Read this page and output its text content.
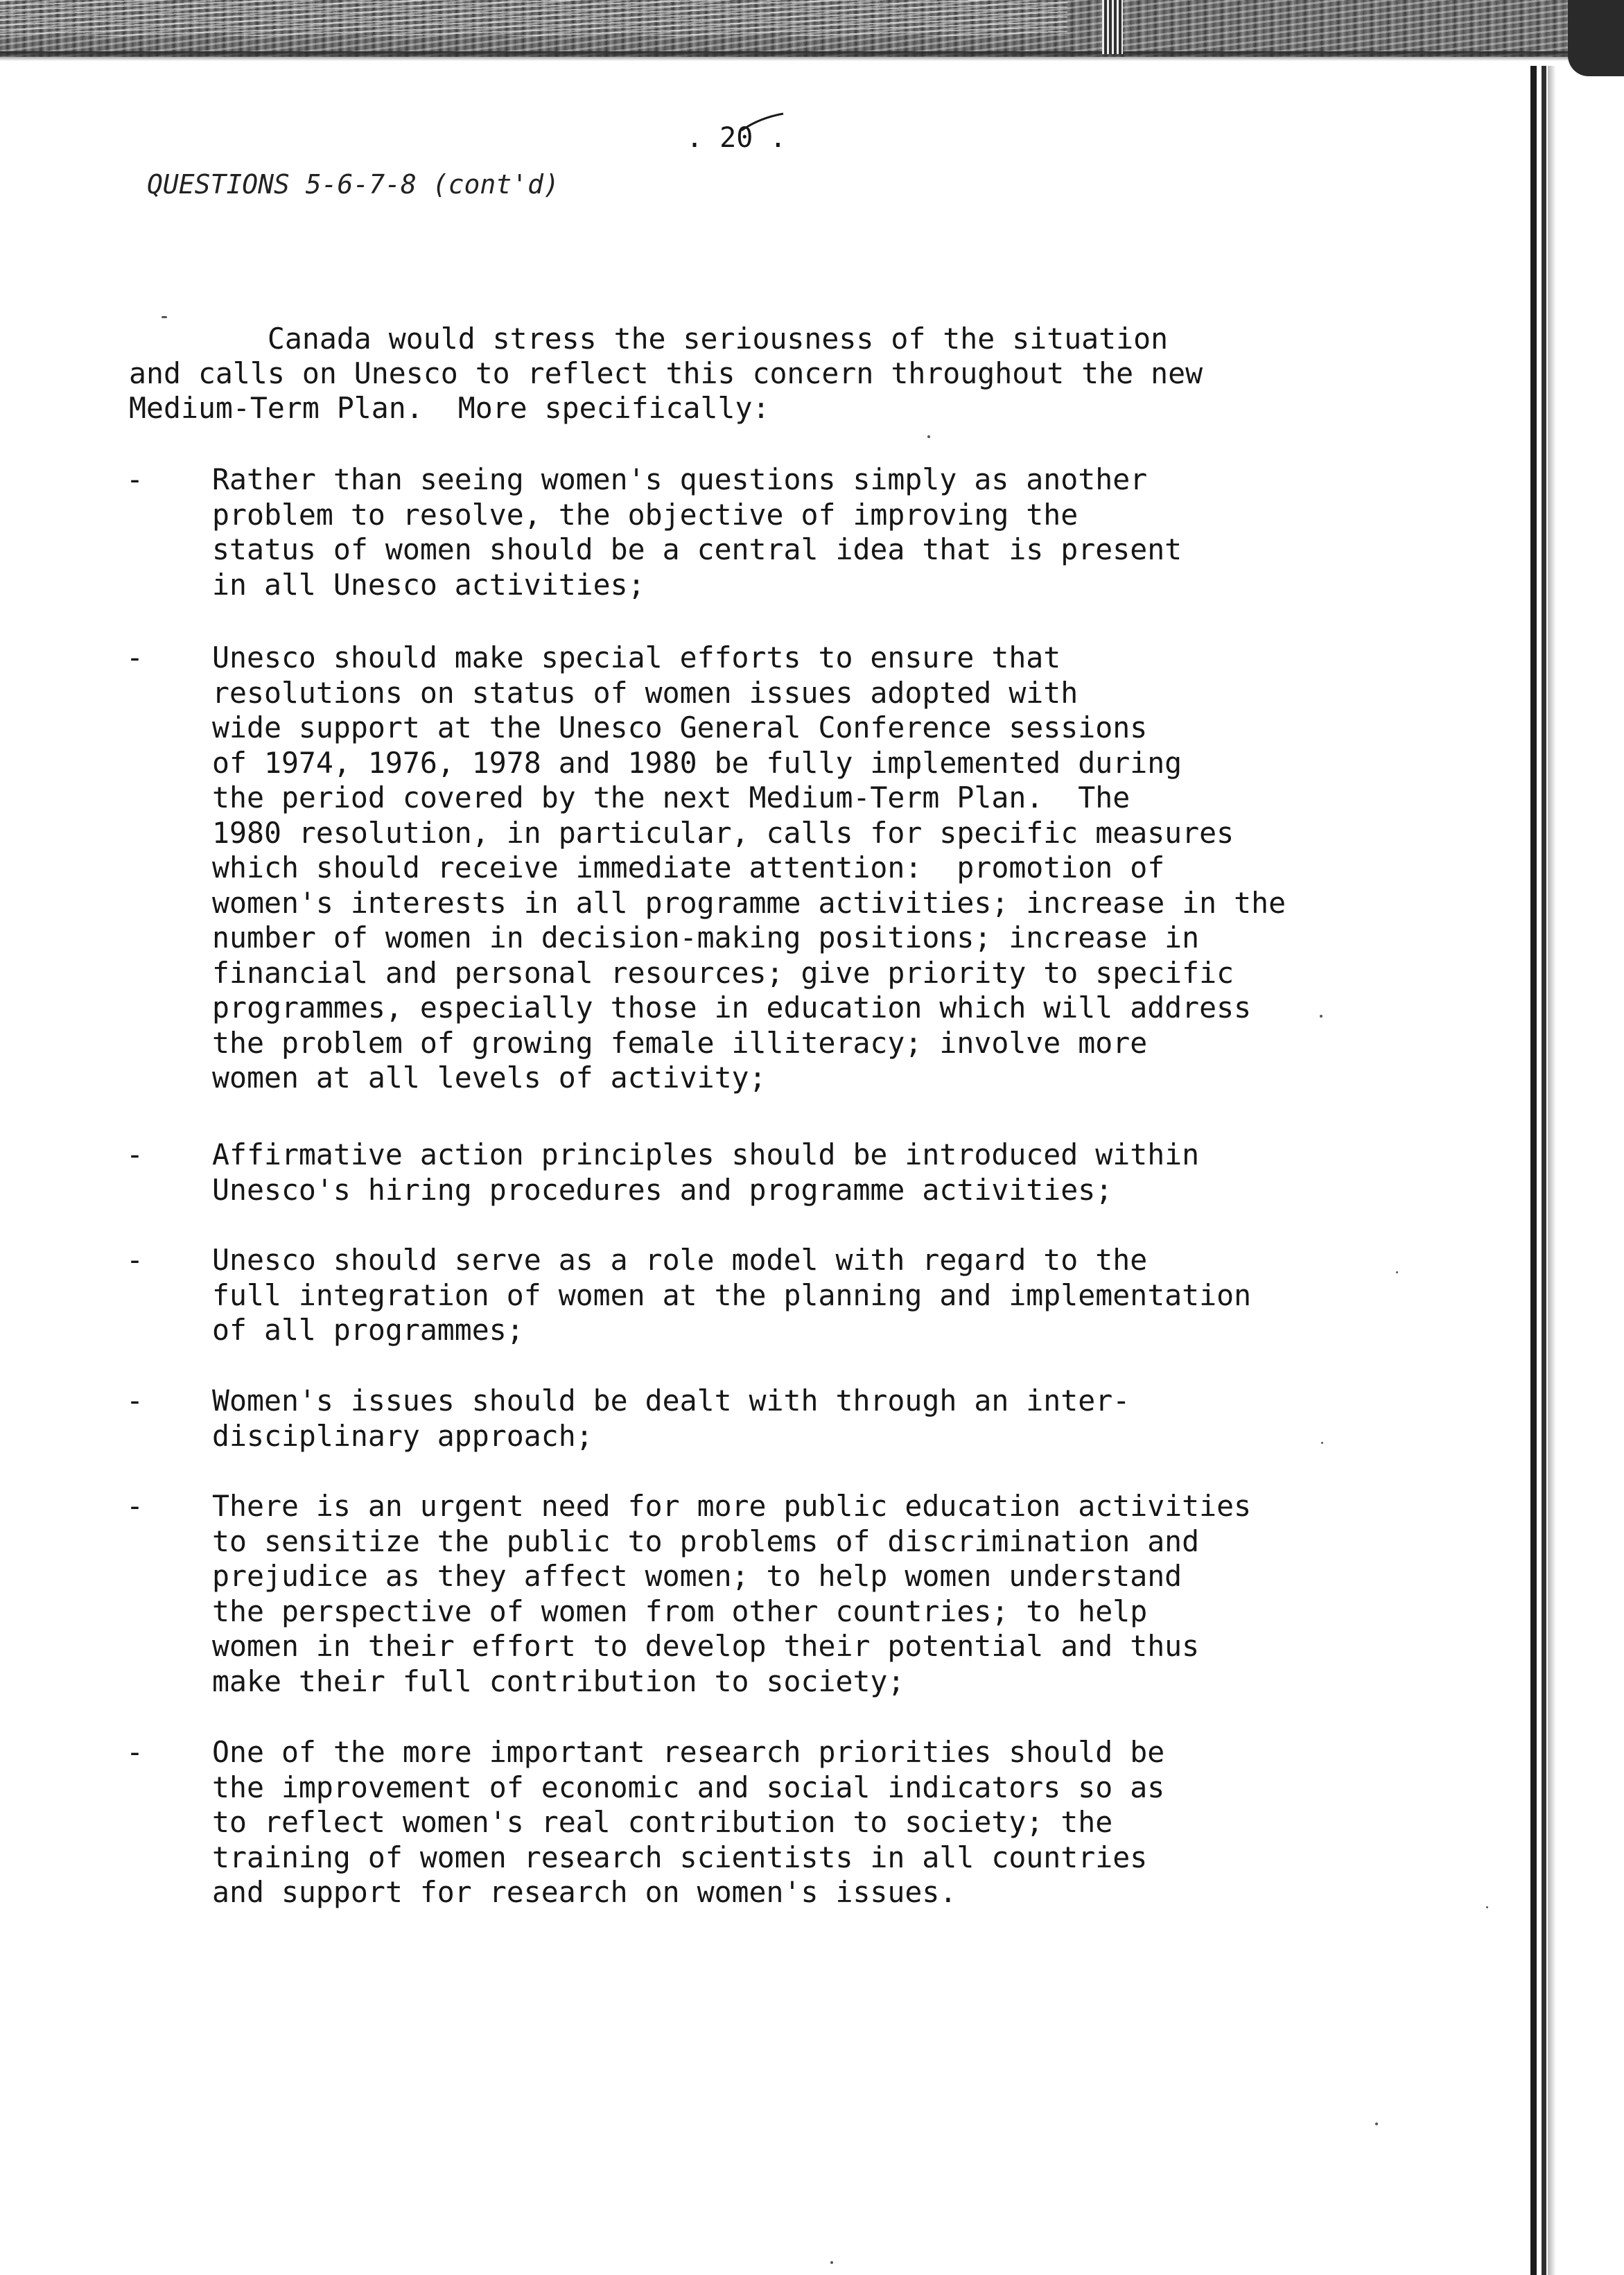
. 20 .
QUESTIONS 5-6-7-8 (cont'd)

Canada would stress the seriousness of the situation
and calls on Unesco to reflect this concern throughout the new
Medium-Term Plan.  More specifically:

- Rather than seeing women's questions simply as another
problem to resolve, the objective of improving the
status of women should be a central idea that is present
in all Unesco activities;

- Unesco should make special efforts to ensure that
resolutions on status of women issues adopted with
wide support at the Unesco General Conference sessions
of 1974, 1976, 1978 and 1980 be fully implemented during
the period covered by the next Medium-Term Plan.  The
1980 resolution, in particular, calls for specific measures
which should receive immediate attention:  promotion of
women's interests in all programme activities; increase in the
number of women in decision-making positions; increase in
financial and personal resources; give priority to specific
programmes, especially those in education which will address
the problem of growing female illiteracy; involve more
women at all levels of activity;

- Affirmative action principles should be introduced within
Unesco's hiring procedures and programme activities;

- Unesco should serve as a role model with regard to the
full integration of women at the planning and implementation
of all programmes;

- Women's issues should be dealt with through an inter-
disciplinary approach;

- There is an urgent need for more public education activities
to sensitize the public to problems of discrimination and
prejudice as they affect women; to help women understand
the perspective of women from other countries; to help
women in their effort to develop their potential and thus
make their full contribution to society;

- One of the more important research priorities should be
the improvement of economic and social indicators so as
to reflect women's real contribution to society; the
training of women research scientists in all countries
and support for research on women's issues.
